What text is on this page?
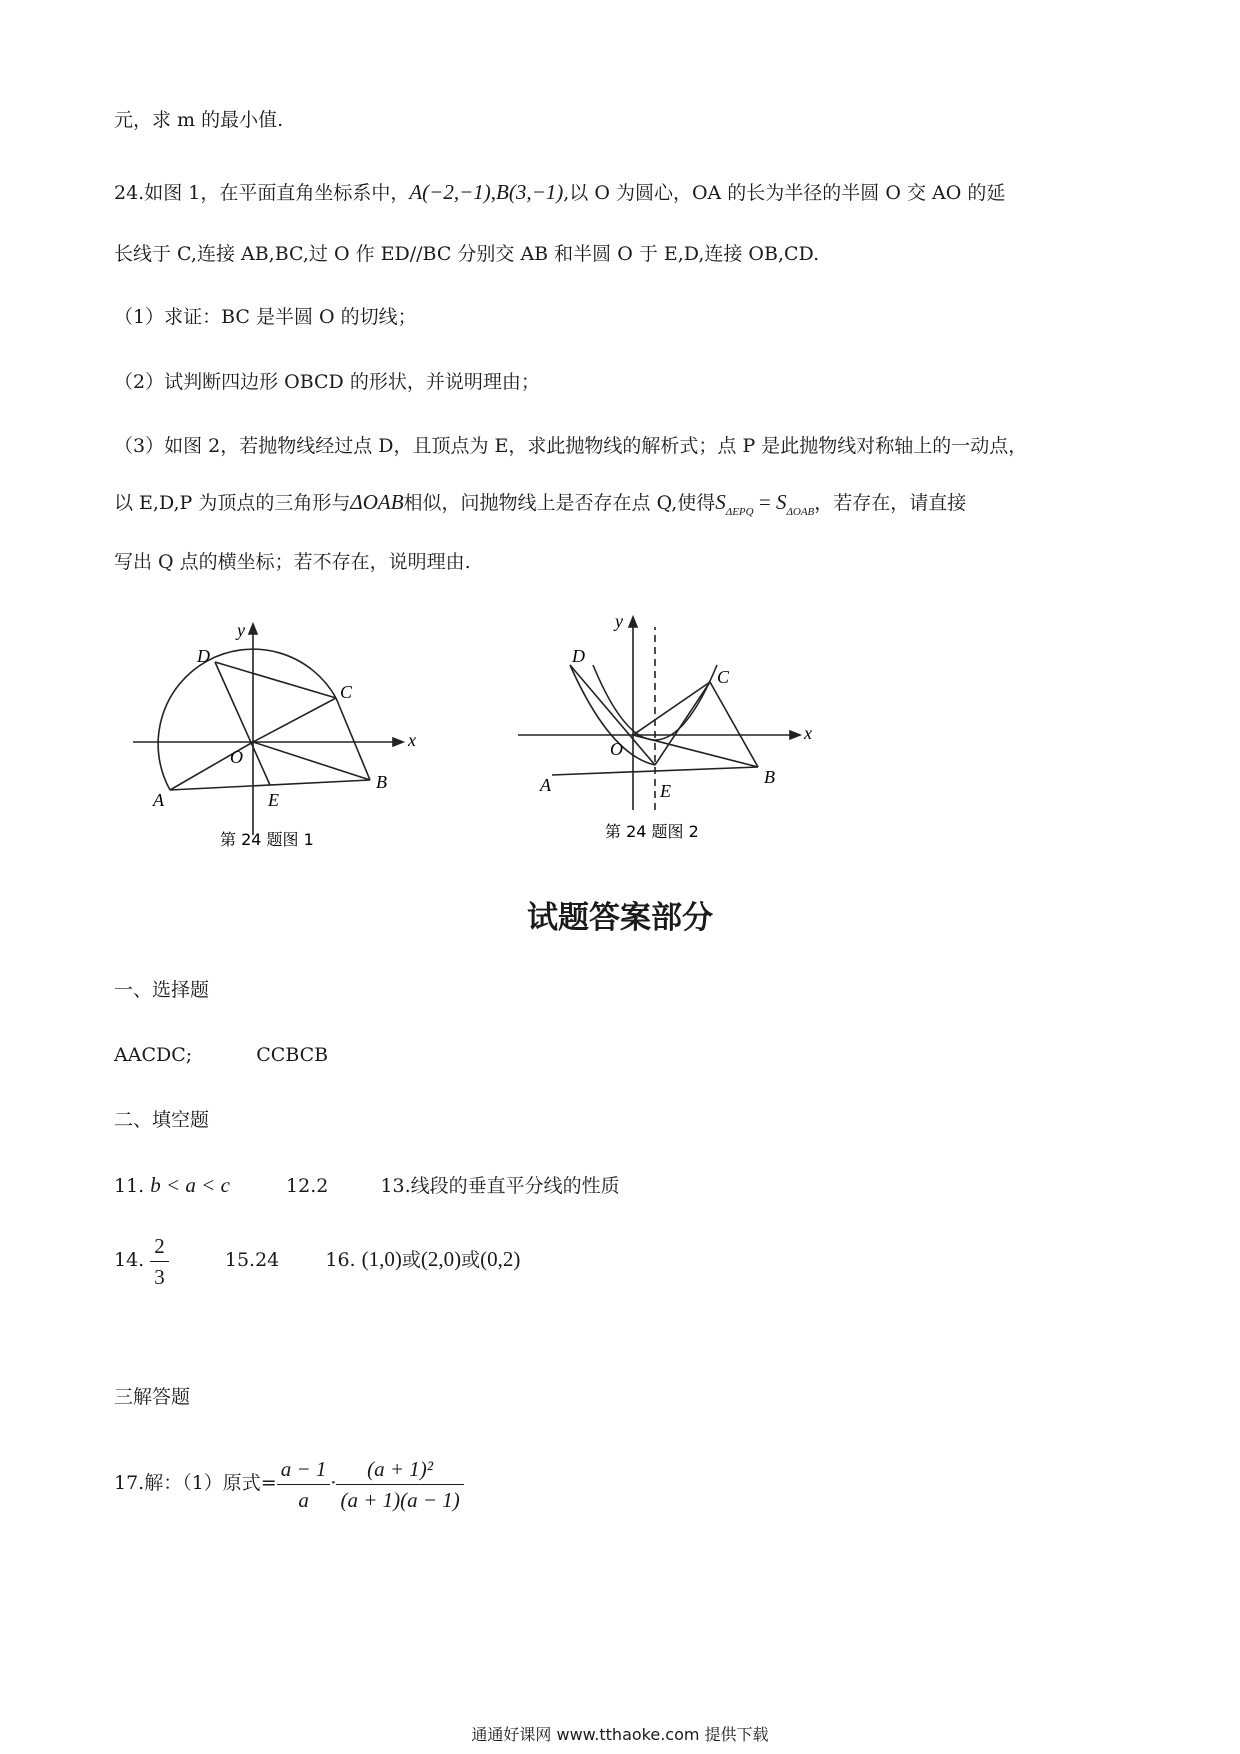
元，求 m 的最小值.
24.如图 1，在平面直角坐标系中，A(−2,−1),B(3,−1),以 O 为圆心，OA 的长为半径的半圆 O 交 AO 的延
长线于 C,连接 AB,BC,过 O 作 ED//BC 分别交 AB 和半圆 O 于 E,D,连接 OB,CD.
（1）求证：BC 是半圆 O 的切线；
（2）试判断四边形 OBCD 的形状，并说明理由；
（3）如图 2，若抛物线经过点 D，且顶点为 E，求此抛物线的解析式；点 P 是此抛物线对称轴上的一动点，
以 E,D,P 为顶点的三角形与ΔOAB相似，问抛物线上是否存在点 Q,使得$S_{\Delta EPQ} = S_{\Delta OAB}$，若存在，请直接
写出 Q 点的横坐标；若不存在，说明理由.
y
x
O
A
B
C
D
E
第 24 题图 1
y
x
O
A	B
C
D
E
第 24 题图 2
试题答案部分
一、选择题
AACDC;	CCBCB
二、填空题
11. b < a < c	12.2	13.线段的垂直平分线的性质
14. $\frac{2}{3}$	15.24 16. (1,0)或(2,0)或(0,2)
三解答题
17.解：（1）原式= $\frac{a - 1}{a} \cdot \frac{\text{(a + 1)²}}{(a + 1)(a - 1)}$
通通好课网 www.tthaoke.com 提供下载
